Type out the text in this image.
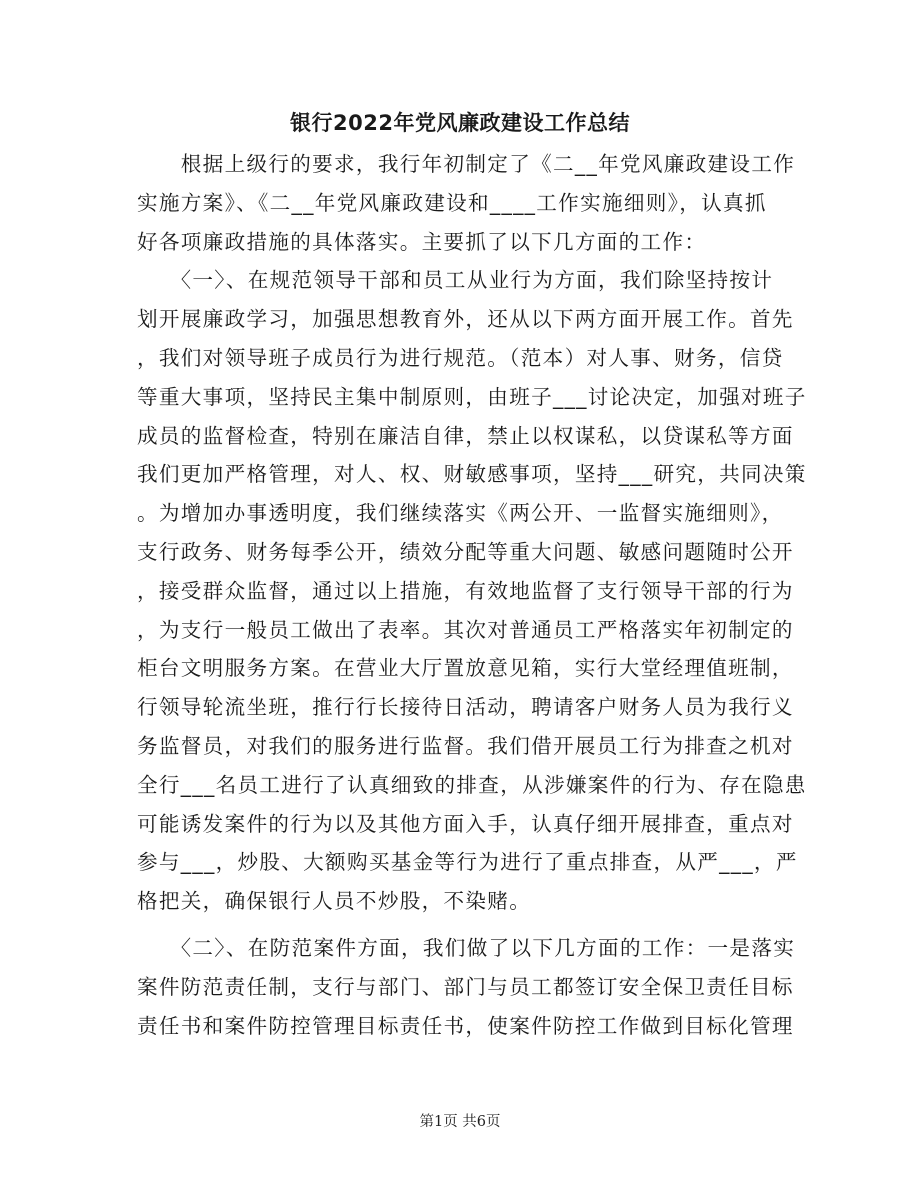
银行2022年党风廉政建设工作总结
　　根据上级行的要求，我行年初制定了《二__年党风廉政建设工作
实施方案》、《二__年党风廉政建设和____工作实施细则》，认真抓
好各项廉政措施的具体落实。主要抓了以下几方面的工作：
　　〈一〉、在规范领导干部和员工从业行为方面，我们除坚持按计
划开展廉政学习，加强思想教育外，还从以下两方面开展工作。首先
，我们对领导班子成员行为进行规范。（范本）对人事、财务，信贷
等重大事项，坚持民主集中制原则，由班子___讨论决定，加强对班子
成员的监督检查，特别在廉洁自律，禁止以权谋私，以贷谋私等方面
我们更加严格管理，对人、权、财敏感事项，坚持___研究，共同决策
。为增加办事透明度，我们继续落实《两公开、一监督实施细则》，
支行政务、财务每季公开，绩效分配等重大问题、敏感问题随时公开
，接受群众监督，通过以上措施，有效地监督了支行领导干部的行为
，为支行一般员工做出了表率。其次对普通员工严格落实年初制定的
柜台文明服务方案。在营业大厅置放意见箱，实行大堂经理值班制，
行领导轮流坐班，推行行长接待日活动，聘请客户财务人员为我行义
务监督员，对我们的服务进行监督。我们借开展员工行为排查之机对
全行___名员工进行了认真细致的排查，从涉嫌案件的行为、存在隐患
可能诱发案件的行为以及其他方面入手，认真仔细开展排查，重点对
参与___，炒股、大额购买基金等行为进行了重点排查，从严___，严
格把关，确保银行人员不炒股，不染赌。
　　〈二〉、在防范案件方面，我们做了以下几方面的工作：一是落实
案件防范责任制，支行与部门、部门与员工都签订安全保卫责任目标
责任书和案件防控管理目标责任书，使案件防控工作做到目标化管理
第1页 共6页
